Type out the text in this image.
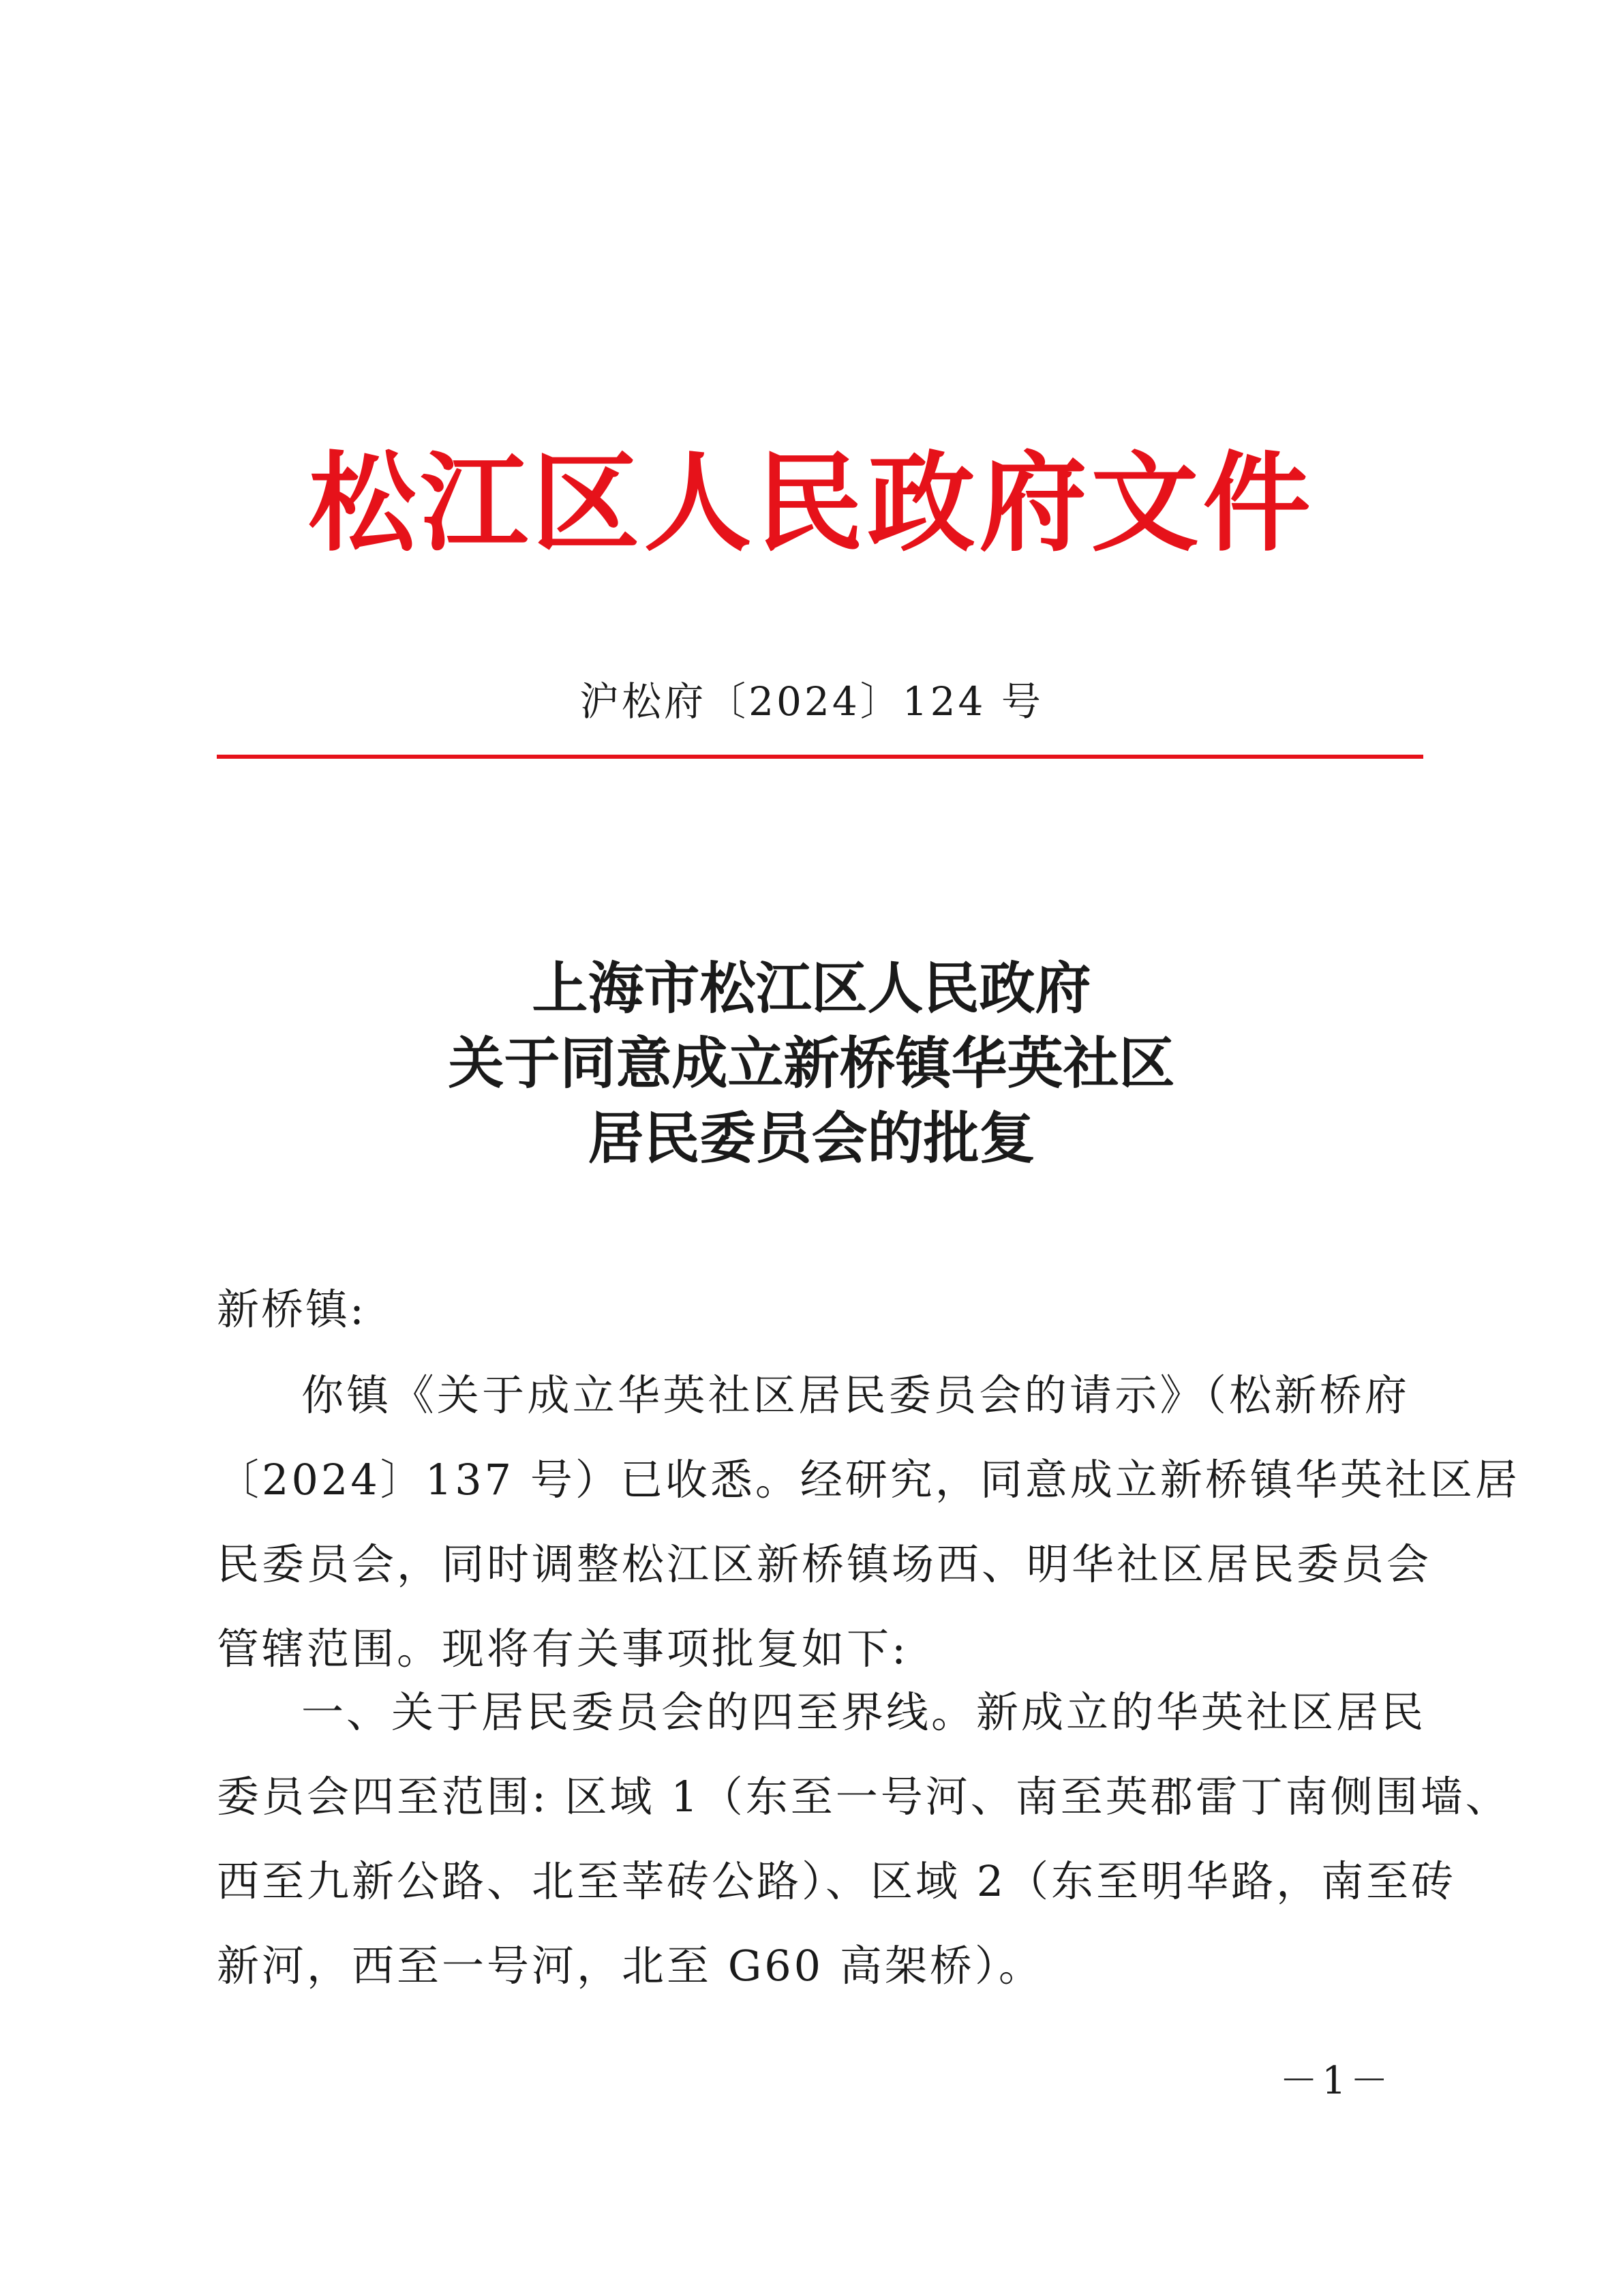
松江区人民政府文件
沪松府〔2024〕124 号
上海市松江区人民政府
关于同意成立新桥镇华英社区
居民委员会的批复
新桥镇:
你镇《关于成立华英社区居民委员会的请示》（松新桥府
〔2024〕137 号）已收悉。经研究，同意成立新桥镇华英社区居
民委员会，同时调整松江区新桥镇场西、明华社区居民委员会
管辖范围。现将有关事项批复如下:
一、关于居民委员会的四至界线。新成立的华英社区居民
委员会四至范围: 区域 1（东至一号河、南至英郡雷丁南侧围墙、
西至九新公路、北至莘砖公路）、区域 2（东至明华路，南至砖
新河，西至一号河，北至 G60 高架桥）。
－1－
